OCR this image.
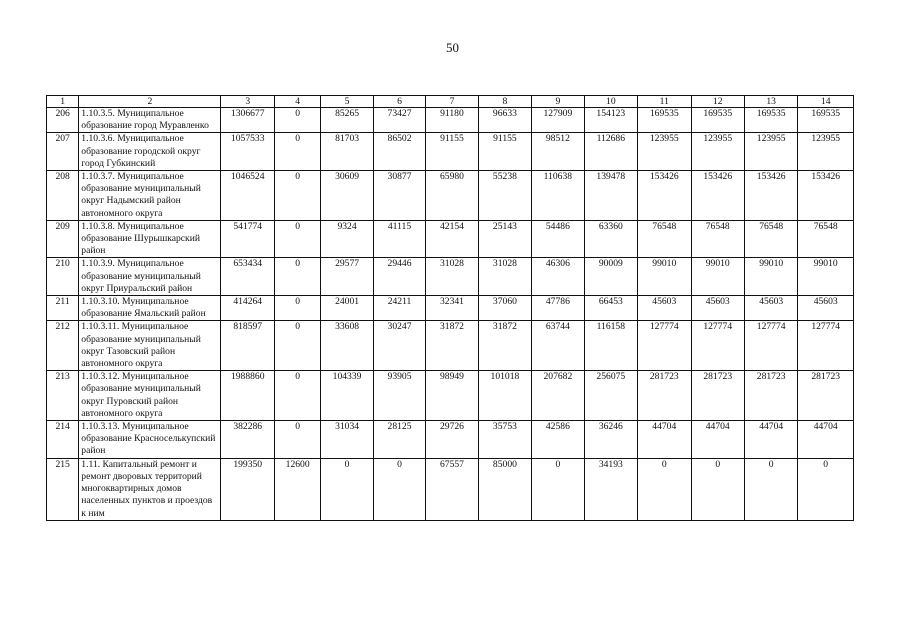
50
1	2	3	4	5	6	7	8	9	10	11	12	13	14
206	1.10.3.5. Муниципальное образование город Муравленко	1306677	0	85265	73427	91180	96633	127909	154123	169535	169535	169535	169535
207	1.10.3.6. Муниципальное образование городской округ город Губкинский	1057533	0	81703	86502	91155	91155	98512	112686	123955	123955	123955	123955
208	1.10.3.7. Муниципальное образование муниципальный округ Надымский район автономного округа	1046524	0	30609	30877	65980	55238	110638	139478	153426	153426	153426	153426
209	1.10.3.8. Муниципальное образование Шурышкарский район	541774	0	9324	41115	42154	25143	54486	63360	76548	76548	76548	76548
210	1.10.3.9. Муниципальное образование муниципальный округ Приуральский район	653434	0	29577	29446	31028	31028	46306	90009	99010	99010	99010	99010
211	1.10.3.10. Муниципальное образование Ямальский район	414264	0	24001	24211	32341	37060	47786	66453	45603	45603	45603	45603
212	1.10.3.11. Муниципальное образование муниципальный округ Тазовский район автономного округа	818597	0	33608	30247	31872	31872	63744	116158	127774	127774	127774	127774
213	1.10.3.12. Муниципальное образование муниципальный округ Пуровский район автономного округа	1988860	0	104339	93905	98949	101018	207682	256075	281723	281723	281723	281723
214	1.10.3.13. Муниципальное образование Красноселькупский район	382286	0	31034	28125	29726	35753	42586	36246	44704	44704	44704	44704
215	1.11. Капитальный ремонт и ремонт дворовых территорий многоквартирных домов населенных пунктов и проездов к ним	199350	12600	0	0	67557	85000	0	34193	0	0	0	0
